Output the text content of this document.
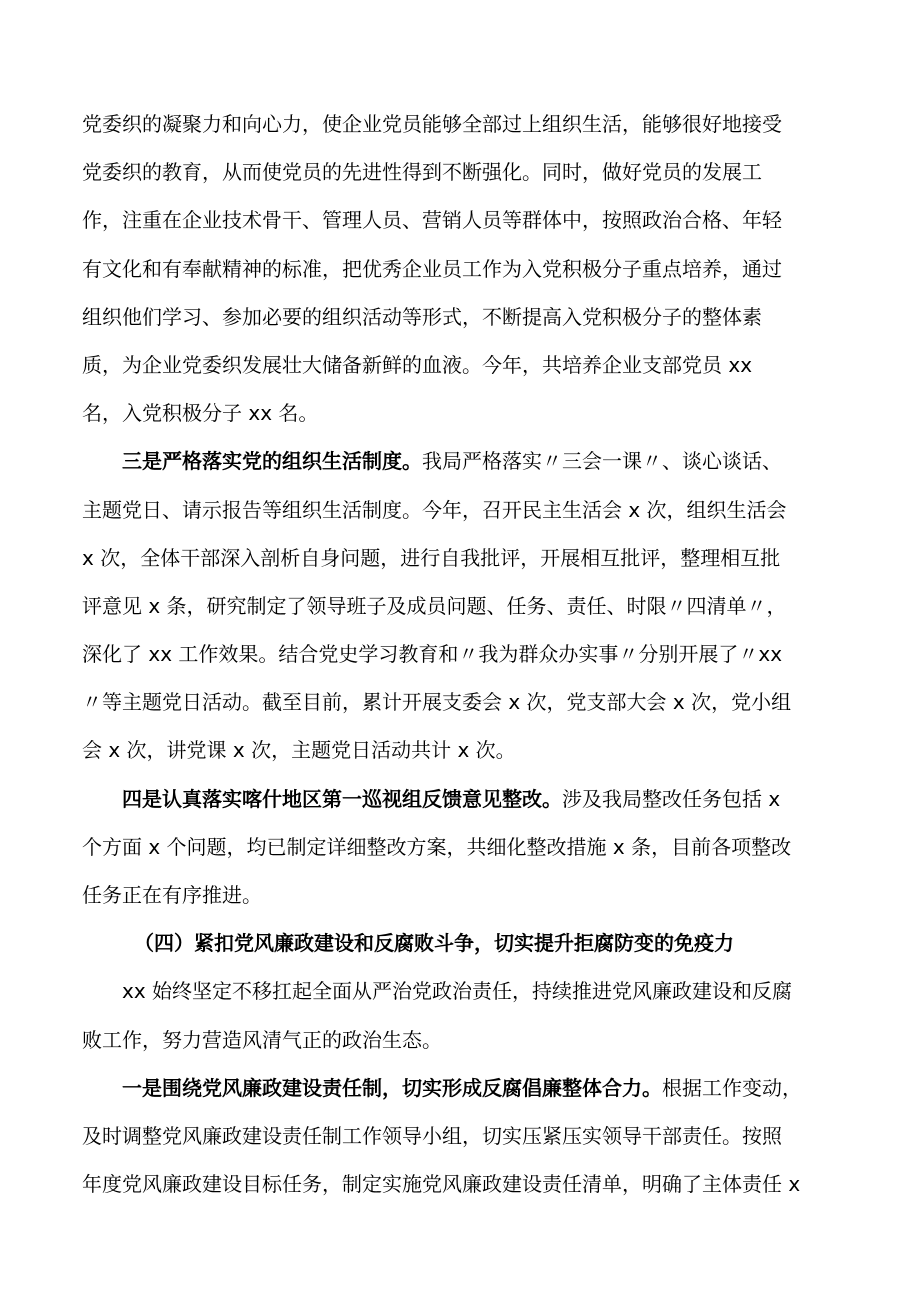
党委织的凝聚力和向心力，使企业党员能够全部过上组织生活，能够很好地接受
党委织的教育，从而使党员的先进性得到不断强化。同时，做好党员的发展工
作，注重在企业技术骨干、管理人员、营销人员等群体中，按照政治合格、年轻
有文化和有奉献精神的标准，把优秀企业员工作为入党积极分子重点培养，通过
组织他们学习、参加必要的组织活动等形式，不断提高入党积极分子的整体素
质，为企业党委织发展壮大储备新鲜的血液。今年，共培养企业支部党员 xx
名，入党积极分子 xx 名。
三是严格落实党的组织生活制度。我局严格落实〃三会一课〃、谈心谈话、
主题党日、请示报告等组织生活制度。今年，召开民主生活会 x 次，组织生活会
x 次，全体干部深入剖析自身问题，进行自我批评，开展相互批评，整理相互批
评意见 x 条，研究制定了领导班子及成员问题、任务、责任、时限〃四清单〃，
深化了 xx 工作效果。结合党史学习教育和〃我为群众办实事〃分别开展了〃xx
〃等主题党日活动。截至目前，累计开展支委会 x 次，党支部大会 x 次，党小组
会 x 次，讲党课 x 次，主题党日活动共计 x 次。
四是认真落实喀什地区第一巡视组反馈意见整改。涉及我局整改任务包括 x
个方面 x 个问题，均已制定详细整改方案，共细化整改措施 x 条，目前各项整改
任务正在有序推进。
（四）紧扣党风廉政建设和反腐败斗争，切实提升拒腐防变的免疫力
xx 始终坚定不移扛起全面从严治党政治责任，持续推进党风廉政建设和反腐
败工作，努力营造风清气正的政治生态。
一是围绕党风廉政建设责任制，切实形成反腐倡廉整体合力。根据工作变动，
及时调整党风廉政建设责任制工作领导小组，切实压紧压实领导干部责任。按照
年度党风廉政建设目标任务，制定实施党风廉政建设责任清单，明确了主体责任 x
